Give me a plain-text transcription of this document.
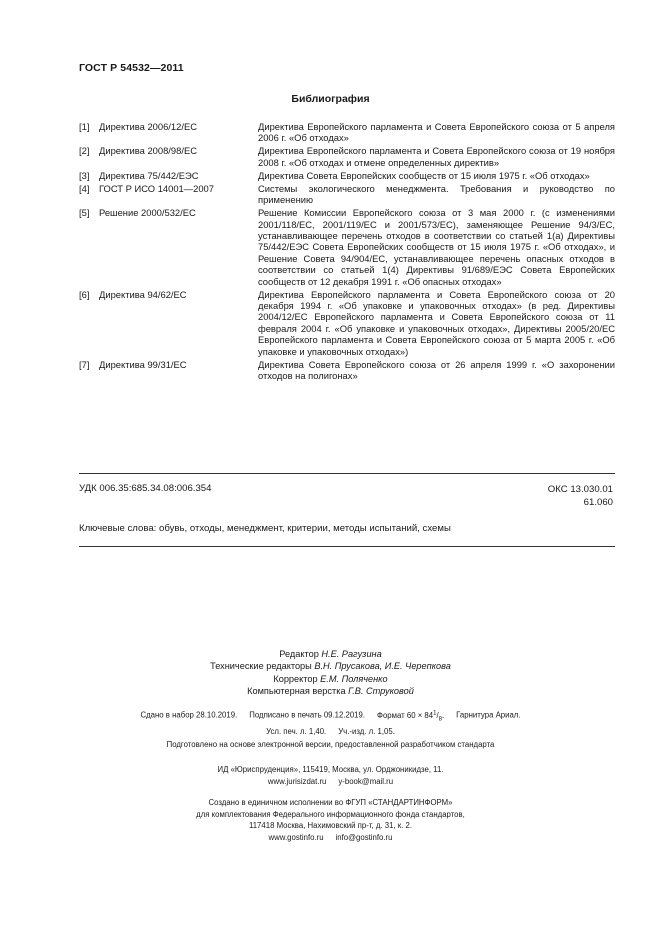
ГОСТ Р 54532—2011
Библиография
[1]	Директива 2006/12/ЕС	Директива Европейского парламента и Совета Европейского союза от 5 апреля 2006 г. «Об отходах»
[2]	Директива 2008/98/ЕС	Директива Европейского парламента и Совета Европейского союза от 19 ноября 2008 г. «Об отходах и отмене определенных директив»
[3]	Директива 75/442/ЕЭС	Директива Совета Европейских сообществ от 15 июля 1975 г. «Об отходах»
[4]	ГОСТ Р ИСО 14001—2007	Системы экологического менеджмента. Требования и руководство по применению
[5]	Решение 2000/532/ЕС	Решение Комиссии Европейского союза от 3 мая 2000 г. (с изменениями 2001/118/ЕС, 2001/119/ЕС и 2001/573/ЕС), заменяющее Решение 94/3/ЕС, устанавливающее перечень отходов в соответствии со статьей 1(а) Директивы 75/442/ЕЭС Совета Европейских сообществ от 15 июля 1975 г. «Об отходах», и Решение Совета 94/904/ЕС, устанавливающее перечень опасных отходов в соответствии со статьей 1(4) Директивы 91/689/ЕЭС Совета Европейских сообществ от 12 декабря 1991 г. «Об опасных отходах»
[6]	Директива 94/62/ЕС	Директива Европейского парламента и Совета Европейского союза от 20 декабря 1994 г. «Об упаковке и упаковочных отходах» (в ред. Директивы 2004/12/ЕС Европейского парламента и Совета Европейского союза от 11 февраля 2004 г. «Об упаковке и упаковочных отходах», Директивы 2005/20/ЕС Европейского парламента и Совета Европейского союза от 5 марта 2005 г. «Об упаковке и упаковочных отходах»)
[7]	Директива 99/31/ЕС	Директива Совета Европейского союза от 26 апреля 1999 г. «О захоронении отходов на полигонах»
УДК 006.35:685.34.08:006.354	ОКС 13.030.01
61.060
Ключевые слова: обувь, отходы, менеджмент, критерии, методы испытаний, схемы
Редактор Н.Е. Рагузина
Технические редакторы В.Н. Прусакова, И.Е. Черепкова
Корректор Е.М. Поляченко
Компьютерная верстка Г.В. Струковой
Сдано в набор 28.10.2019. Подписано в печать 09.12.2019. Формат $60 \times 84^1/_8$. Гарнитура Ариал.
Усл. печ. л. 1,40. Уч.-изд. л. 1,05.
Подготовлено на основе электронной версии, предоставленной разработчиком стандарта
ИД «Юриспруденция», 115419, Москва, ул. Орджоникидзе, 11.
www.jurisizdat.ru y-book@mail.ru
Создано в единичном исполнении во ФГУП «СТАНДАРТИНФОРМ»
для комплектования Федерального информационного фонда стандартов,
117418 Москва, Нахимовский пр-т, д. 31, к. 2.
www.gostinfo.ru info@gostinfo.ru
